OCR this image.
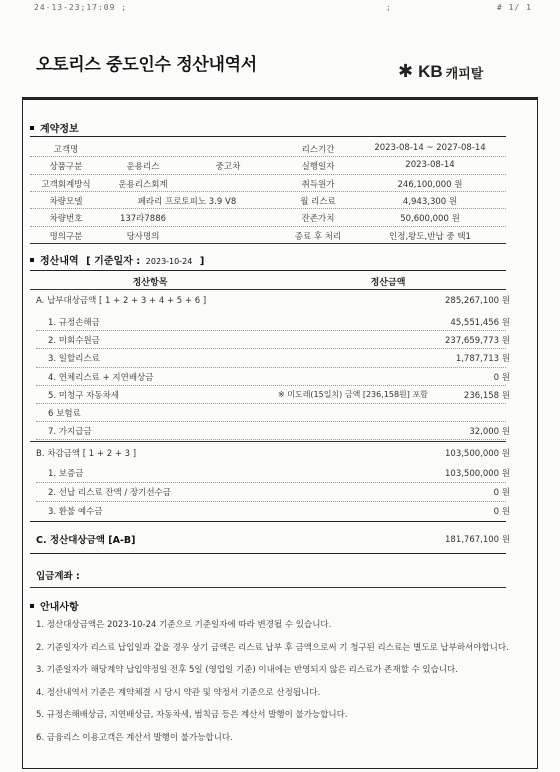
24-13-23;17:09 ;	;	# 1/ 1
오토리스 중도인수 정산내역서	✱ KB 캐피탈
계약정보
고객명	리스기간	2023-08-14 ~ 2027-08-14
상품구분	운용리스	중고차	실행일자	2023-08-14
고객회계방식	운용리스회계	취득원가	246,100,000 원
차량모델	페라리 프로토피노 3.9 V8	월 리스료	4,943,300 원
차량번호	137라7886	잔존가치	50,600,000 원
명의구분	당사명의	종료 후 처리	인정,왕도,반납 중 택1
정산내역 [ 기준일자 : 2023-10-24 ]
정산항목	정산금액
A. 납부대상금액 [ 1 + 2 + 3 + 4 + 5 + 6 ]	285,267,100 원
1. 규정손해금	45,551,456 원
2. 미회수원금	237,659,773 원
3. 일할리스료	1,787,713 원
4. 연체리스료 + 지연배상금	0 원
5. 미청구 자동차세	※ 미도래(15일치) 금액 [236,158원] 포함	236,158 원
6 보험료
7. 가지급금	32,000 원
B. 차감금액 [ 1 + 2 + 3 ]	103,500,000 원
1. 보증금	103,500,000 원
2. 선납 리스료 잔액 / 장기선수금	0 원
3. 환불 예수금	0 원
C. 정산대상금액 [A-B]	181,767,100 원
입금계좌 :
안내사항
1. 정산대상금액은 2023-10-24 기준으로 기준일자에 따라 변경될 수 있습니다.
2. 기준일자가 리스료 납입일과 같을 경우 상기 금액은 리스료 납부 후 금액으로써 기 청구된 리스료는 별도로 납부하셔야합니다.
3. 기준일자가 해당계약 납입약정일 전후 5일 (영업일 기준) 이내에는 반영되지 않은 리스료가 존재할 수 있습니다.
4. 정산내역서 기준은 계약체결 시 당시 약관 및 약정서 기준으로 산정됩니다.
5. 규정손해배상금, 지연배상금, 자동차세, 범칙금 등은 계산서 발행이 불가능합니다.
6. 금융리스 이용고객은 계산서 발행이 불가능합니다.
